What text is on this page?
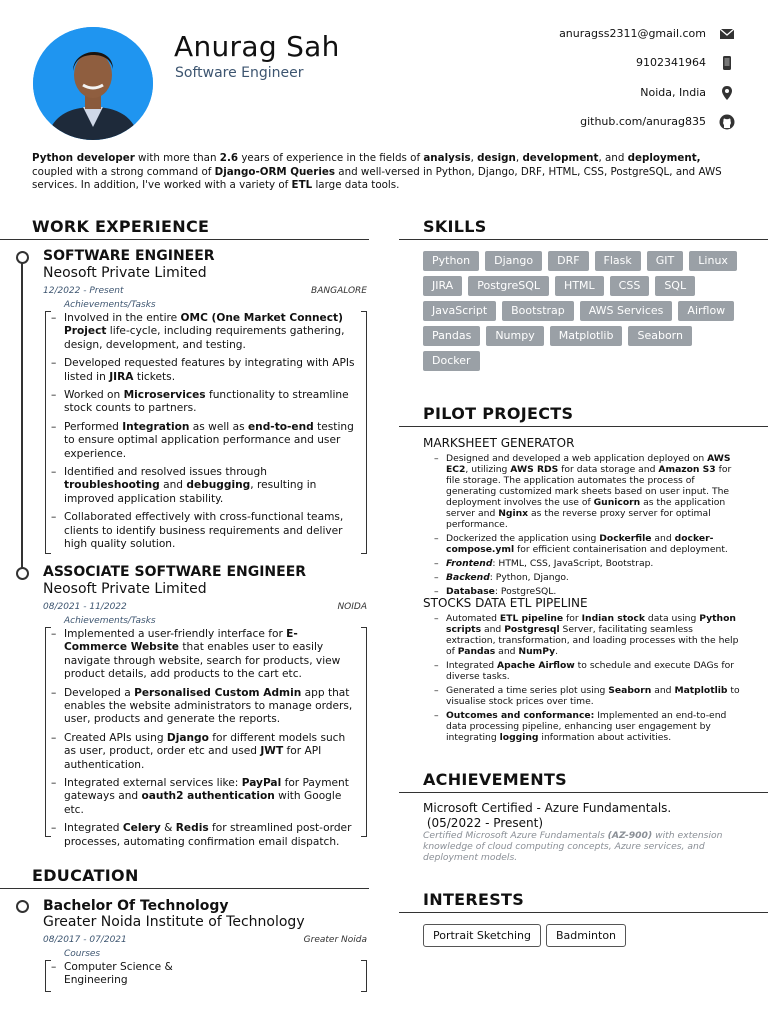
Anurag Sah
Software Engineer
anuragss2311@gmail.com
9102341964
Noida, India
github.com/anurag835
Python developer with more than 2.6 years of experience in the fields of analysis, design, development, and deployment, coupled with a strong command of Django-ORM Queries and well-versed in Python, Django, DRF, HTML, CSS, PostgreSQL, and AWS services. In addition, I've worked with a variety of ETL large data tools.
WORK EXPERIENCE
SOFTWARE ENGINEER
Neosoft Private Limited
12/2022 - Present	BANGALORE
Achievements/Tasks
– Involved in the entire OMC (One Market Connect) Project life-cycle, including requirements gathering, design, development, and testing.
– Developed requested features by integrating with APIs listed in JIRA tickets.
– Worked on Microservices functionality to streamline stock counts to partners.
– Performed Integration as well as end-to-end testing to ensure optimal application performance and user experience.
– Identified and resolved issues through troubleshooting and debugging, resulting in improved application stability.
– Collaborated effectively with cross-functional teams, clients to identify business requirements and deliver high quality solution.
ASSOCIATE SOFTWARE ENGINEER
Neosoft Private Limited
08/2021 - 11/2022	NOIDA
Achievements/Tasks
– Implemented a user-friendly interface for E-Commerce Website that enables user to easily navigate through website, search for products, view product details, add products to the cart etc.
– Developed a Personalised Custom Admin app that enables the website administrators to manage orders, user, products and generate the reports.
– Created APIs using Django for different models such as user, product, order etc and used JWT for API authentication.
– Integrated external services like: PayPal for Payment gateways and oauth2 authentication with Google etc.
– Integrated Celery & Redis for streamlined post-order processes, automating confirmation email dispatch.
EDUCATION
Bachelor Of Technology
Greater Noida Institute of Technology
08/2017 - 07/2021	Greater Noida
Courses
– Computer Science & Engineering
SKILLS
Python	Django	DRF	Flask	GIT	Linux
JIRA	PostgreSQL	HTML	CSS	SQL
JavaScript	Bootstrap	AWS Services	Airflow
Pandas	Numpy	Matplotlib	Seaborn
Docker
PILOT PROJECTS
MARKSHEET GENERATOR
– Designed and developed a web application deployed on AWS EC2, utilizing AWS RDS for data storage and Amazon S3 for file storage. The application automates the process of generating customized mark sheets based on user input. The deployment involves the use of Gunicorn as the application server and Nginx as the reverse proxy server for optimal performance.
– Dockerized the application using Dockerfile and docker-compose.yml for efficient containerisation and deployment.
– Frontend: HTML, CSS, JavaScript, Bootstrap.
– Backend: Python, Django.
– Database: PostgreSQL.
STOCKS DATA ETL PIPELINE
– Automated ETL pipeline for Indian stock data using Python scripts and Postgresql Server, facilitating seamless extraction, transformation, and loading processes with the help of Pandas and NumPy.
– Integrated Apache Airflow to schedule and execute DAGs for diverse tasks.
– Generated a time series plot using Seaborn and Matplotlib to visualise stock prices over time.
– Outcomes and conformance: Implemented an end-to-end data processing pipeline, enhancing user engagement by integrating logging information about activities.
ACHIEVEMENTS
Microsoft Certified - Azure Fundamentals.
(05/2022 - Present)
Certified Microsoft Azure Fundamentals (AZ-900) with extension knowledge of cloud computing concepts, Azure services, and deployment models.
INTERESTS
Portrait Sketching	Badminton
